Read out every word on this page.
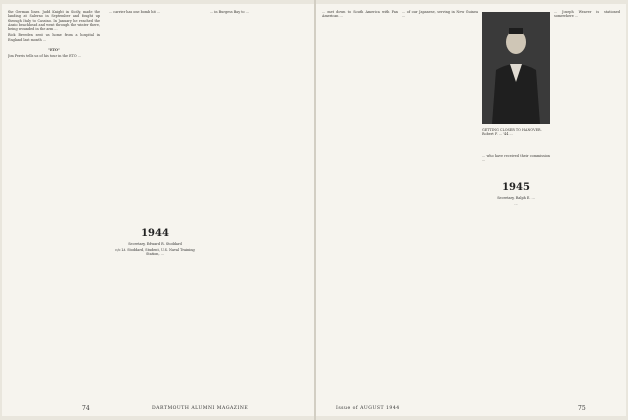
the German lines. Judd Knight in Sicily, made the landing at Salerno in September and fought up through Italy to Cassino. In January he reached the Anzio beachhead and went through the winter there, being wounded in the arm ...

Rick Breeden sent us home from a hospital in England last month ...

"ETO"

Jim Ferris tells us of his tour in the ETO ...

... carrier has one bomb hit ...

1944
Secretary, Edward R. Stoddard
c/o Lt. Stoddard, Student, U.S. Naval Training Station, ...

... in Burgess Bay to ...

74	DARTMOUTH ALUMNI MAGAZINE

... met down to South America with Pan American ...

... of our Japanese, serving in New Guinea ...

GETTING CLOSER TO HANOVER. Robert F. ... '44 ...

... Joseph Weaver is stationed somewhere ...

... who have received their commission ...

1945
Secretary, Ralph E. ...
...
Issue of AUGUST 1944	75
